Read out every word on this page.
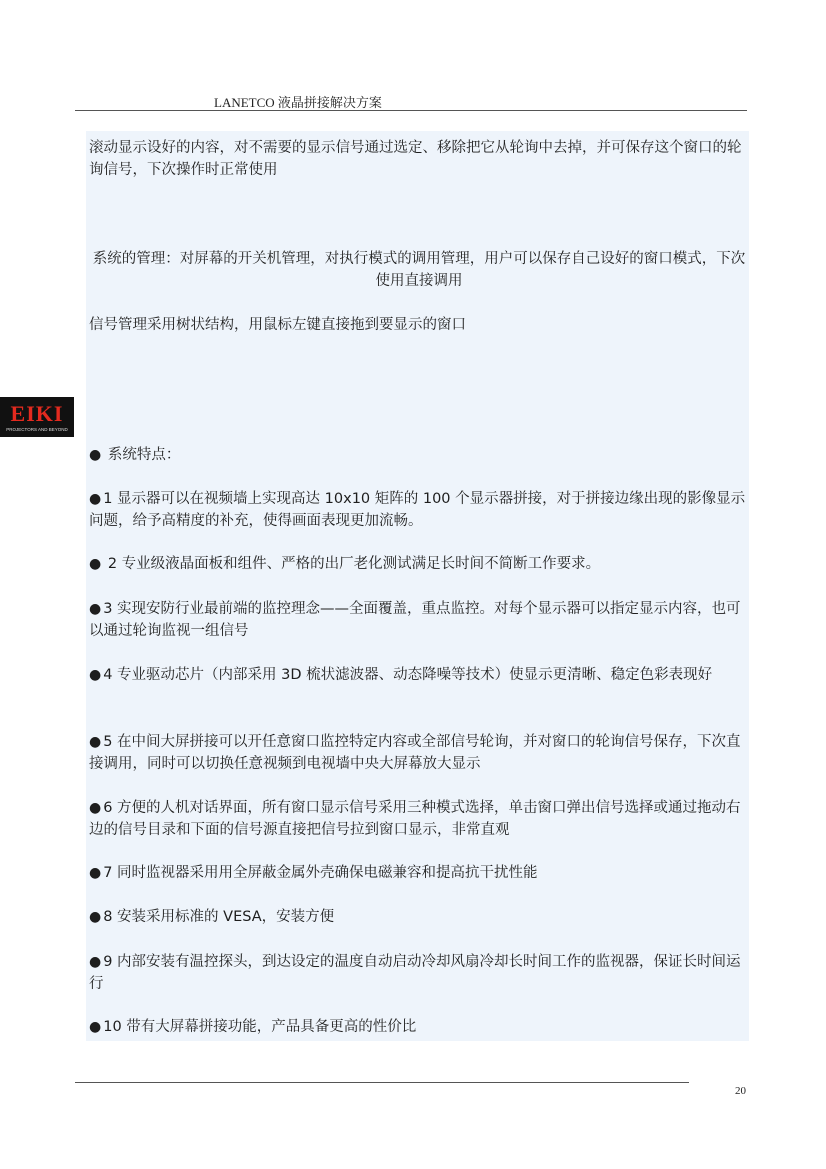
LANETCO 液晶拼接解决方案
EIKI
PROJECTORS AND BEYOND
滚动显示设好的内容，对不需要的显示信号通过选定、移除把它从轮询中去掉，并可保存这个窗口的轮询信号，下次操作时正常使用
系统的管理：对屏幕的开关机管理，对执行模式的调用管理，用户可以保存自己设好的窗口模式，下次使用直接调用
信号管理采用树状结构，用鼠标左键直接拖到要显示的窗口
● 系统特点：
● 1 显示器可以在视频墙上实现高达 10x10 矩阵的 100 个显示器拼接，对于拼接边缘出现的影像显示问题，给予高精度的补充，使得画面表现更加流畅。
● 2 专业级液晶面板和组件、严格的出厂老化测试满足长时间不简断工作要求。
● 3 实现安防行业最前端的监控理念——全面覆盖，重点监控。对每个显示器可以指定显示内容，也可以通过轮询监视一组信号
● 4 专业驱动芯片（内部采用 3D 梳状滤波器、动态降噪等技术）使显示更清晰、稳定色彩表现好
● 5 在中间大屏拼接可以开任意窗口监控特定内容或全部信号轮询，并对窗口的轮询信号保存，下次直接调用，同时可以切换任意视频到电视墙中央大屏幕放大显示
● 6 方便的人机对话界面，所有窗口显示信号采用三种模式选择，单击窗口弹出信号选择或通过拖动右边的信号目录和下面的信号源直接把信号拉到窗口显示，非常直观
● 7 同时监视器采用用全屏蔽金属外壳确保电磁兼容和提高抗干扰性能
● 8 安装采用标准的 VESA，安装方便
● 9 内部安装有温控探头，到达设定的温度自动启动冷却风扇冷却长时间工作的监视器，保证长时间运行
● 10 带有大屏幕拼接功能，产品具备更高的性价比
20
